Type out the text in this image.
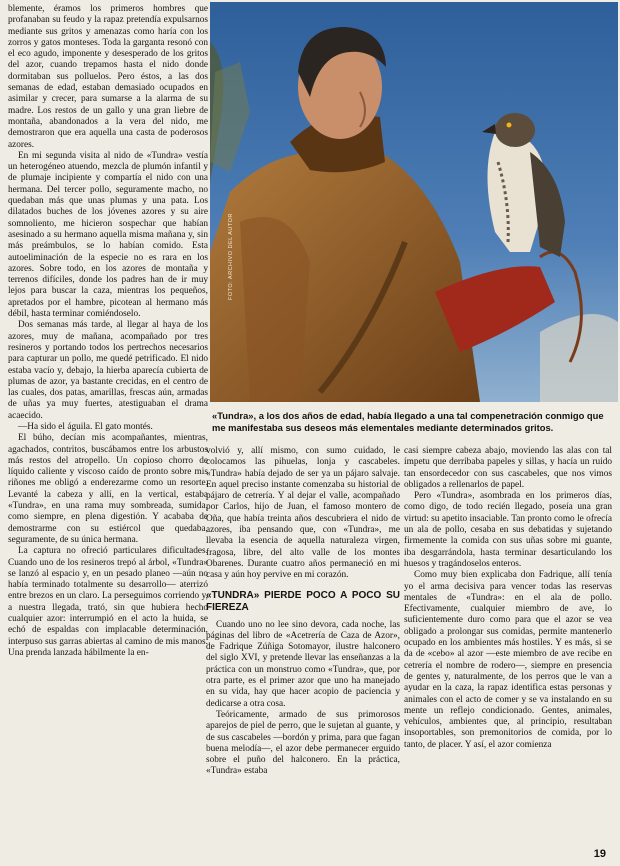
blemente, éramos los primeros hombres que profanaban su feudo y la rapaz pretendía expulsarnos mediante sus gritos y amenazas como haría con los zorros y gatos monteses. Toda la garganta resonó con el eco agudo, imponente y desesperado de los gritos del azor, cuando trepamos hasta el nido donde dormitaban sus polluelos. Pero éstos, a las dos semanas de edad, estaban demasiado ocupados en asimilar y crecer, para sumarse a la alarma de su madre. Los restos de un gallo y una gran liebre de montaña, abandonados a la vera del nido, me demostraron que era aquella una casta de poderosos azores.

En mi segunda visita al nido de «Tundra» vestía un heterogéneo atuendo, mezcla de plumón infantil y de plumaje incipiente y compartía el nido con una hermana. Del tercer pollo, seguramente macho, no quedaban más que unas plumas y una pata. Los dilatados buches de los jóvenes azores y su aire somnoliento, me hicieron sospechar que habían asesinado a su hermano aquella misma mañana y, sin más preámbulos, se lo habían comido. Esta autoeliminación de la especie no es rara en los azores. Sobre todo, en los azores de montaña y terrenos difíciles, donde los padres han de ir muy lejos para buscar la caza, mientras los pequeños, apretados por el hambre, picotean al hermano más débil, hasta terminar comiéndoselo.

Dos semanas más tarde, al llegar al haya de los azores, muy de mañana, acompañado por tres resineros y portando todos los pertrechos necesarios para capturar un pollo, me quedé petrificado. El nido estaba vacío y, debajo, la hierba aparecía cubierta de plumas de azor, ya bastante crecidas, en el centro de las cuales, dos patas, amarillas, frescas aún, armadas de uñas ya muy fuertes, atestiguaban el drama acaecido.

—Ha sido el águila. El gato montés.

El búho, decían mis acompañantes, mientras, agachados, contritos, buscábamos entre los arbustos más restos del atropello. Un copioso chorro de líquido caliente y viscoso caído de pronto sobre mis riñones me obligó a enderezarme como un resorte. Levanté la cabeza y allí, en la vertical, estaba «Tundra», en una rama muy sombreada, sumida, como siempre, en plena digestión. Y acababa de demostrarme con su estiércol que quedaba, seguramente, de su única hermana.

La captura no ofreció particulares dificultades. Cuando uno de los resineros trepó al árbol, «Tundra» se lanzó al espacio y, en un pesado planeo —aún no había terminado totalmente su desarrollo— aterrizó entre brezos en un claro. La perseguimos corriendo y, a nuestra llegada, trató, sin que hubiera hecho cualquier azor: interrumpió en el acto la huida, se echó de espaldas con implacable determinación, interpuso sus garras abiertas al camino de mis manos. Una prenda lanzada hábilmente la en-

FOTO: ARCHIVO DEL AUTOR
«Tundra», a los dos años de edad, había llegado a una tal compenetración conmigo que me manifestaba sus deseos más elementales mediante determinados gritos.

volvió y, allí mismo, con sumo cuidado, le colocamos las pihuelas, lonja y cascabeles. «Tundra» había dejado de ser ya un pájaro salvaje. En aquel preciso instante comenzaba su historial de pájaro de cetrería. Y al dejar el valle, acompañado por Carlos, hijo de Juan, el famoso montero de Oña, que había treinta años descubriera el nido de azores, iba pensando que, con «Tundra», me llevaba la esencia de aquella naturaleza virgen, fragosa, libre, del alto valle de los montes Obarenes. Durante cuatro años permaneció en mi casa y aún hoy pervive en mi corazón.

«TUNDRA» PIERDE POCO A POCO SU FIEREZA

Cuando uno no lee sino devora, cada noche, las páginas del libro de «Acetrería de Caza de Azor», de Fadrique Zúñiga Sotomayor, ilustre halconero del siglo XVI, y pretende llevar las enseñanzas a la práctica con un monstruo como «Tundra», que, por otra parte, es el primer azor que uno ha manejado en su vida, hay que hacer acopio de paciencia y dedicarse a otra cosa.

Teóricamente, armado de sus primorosos aparejos de piel de perro, que le sujetan al guante, y de sus cascabeles —bordón y prima, para que fagan buena melodía—, el azor debe permanecer erguido sobre el puño del halconero. En la práctica, «Tundra» estaba

casi siempre cabeza abajo, moviendo las alas con tal ímpetu que derribaba papeles y sillas, y hacía un ruido tan ensordecedor con sus cascabeles, que nos vimos obligados a rellenarlos de papel.

Pero «Tundra», asombrada en los primeros días, como digo, de todo recién llegado, poseía una gran virtud: su apetito insaciable. Tan pronto como le ofrecía un ala de pollo, cesaba en sus debatidas y sujetando firmemente la comida con sus uñas sobre mi guante, iba desgarrándola, hasta terminar desarticulando los huesos y tragándoselos enteros.

Como muy bien explicaba don Fadrique, allí tenía yo el arma decisiva para vencer todas las reservas mentales de «Tundra»: en el ala de pollo. Efectivamente, cualquier miembro de ave, lo suficientemente duro como para que el azor se vea obligado a prolongar sus comidas, permite mantenerlo ocupado en los ambientes más hostiles. Y es más, si se da de «cebo» al azor —este miembro de ave recibe en cetrería el nombre de rodero—, siempre en presencia de gentes y, naturalmente, de los perros que le van a ayudar en la caza, la rapaz identifica estas personas y animales con el acto de comer y se va instalando en su mente un reflejo condicionado. Gentes, animales, vehículos, ambientes que, al principio, resultaban insoportables, son premonitorios de comida, por lo tanto, de placer. Y así, el azor comienza

19
